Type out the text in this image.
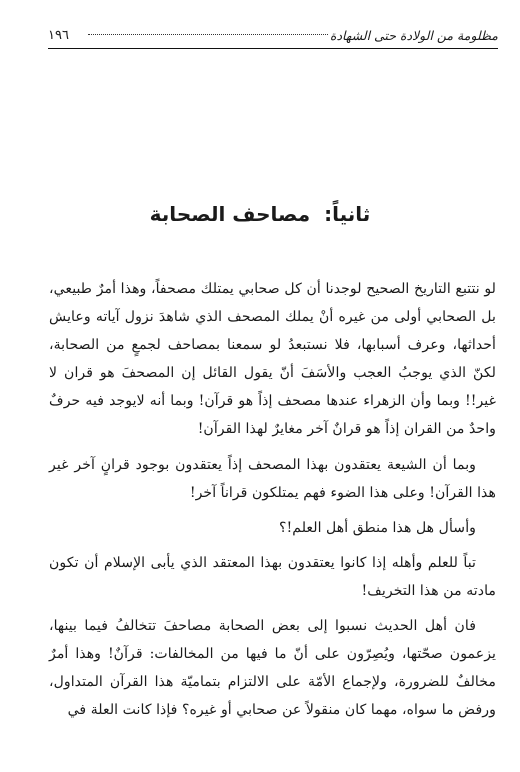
مظلومة من الولادة حتى الشهادة
١٩٦
ثانياً:مصاحف الصحابة

لو نتتبع التاريخ الصحيح لوجدنا أن كل صحابي يمتلك مصحفاً، وهذا أمرٌ طبيعي، بل الصحابي أولى من غيره أنْ يملك المصحف الذي شاهدَ نزول آياته وعايش أحداثها، وعرف أسبابها، فلا نستبعدُ لو سمعنا بمصاحف لجمعٍ من الصحابة، لكنّ الذي يوجبُ العجب والأسَفَ أنّ يقول القائل إن المصحفَ هو قران لا غير!! وبما وأن الزهراء عندها مصحف إذاً هو قرآن! وبما أنه لايوجد فيه حرفٌ واحدٌ من القران إذاً هو قرانٌ آخر مغايرٌ لهذا القرآن!

وبما أن الشيعة يعتقدون بهذا المصحف إذاً يعتقدون بوجود قرانٍ آخر غير هذا القرآن! وعلى هذا الضوء فهم يمتلكون قراناً آخر!

وأسأل هل هذا منطق أهل العلم!؟

تباً للعلم وأهله إذا كانوا يعتقدون بهذا المعتقد الذي يأبى الإسلام أن تكون مادته من هذا التخريف!

فان أهل الحديث نسبوا إلى بعض الصحابة مصاحفَ تتخالفُ فيما بينها، يزعمون صحّتها، ويُصِرّون على أنّ ما فيها من المخالفات: قرآنٌ! وهذا أمرٌ مخالفٌ للضرورة، ولإجماع الأمّة على الالتزام بتماميّة هذا القرآن المتداول، ورفض ما سواه، مهما كان منقولاً عن صحابي أو غيره؟ فإذا كانت العلة في
